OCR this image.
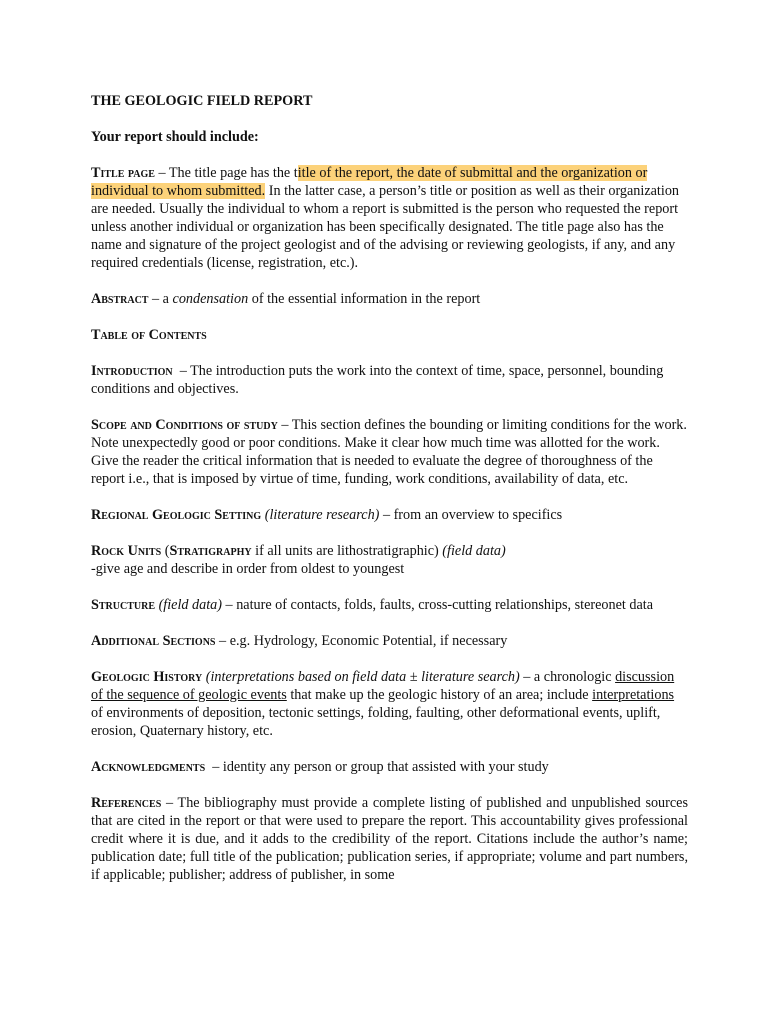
THE GEOLOGIC FIELD REPORT
Your report should include:
Title page – The title page has the title of the report, the date of submittal and the organization or individual to whom submitted. In the latter case, a person’s title or position as well as their organization are needed. Usually the individual to whom a report is submitted is the person who requested the report unless another individual or organization has been specifically designated. The title page also has the name and signature of the project geologist and of the advising or reviewing geologists, if any, and any required credentials (license, registration, etc.).
Abstract – a condensation of the essential information in the report
Table of Contents
Introduction  – The introduction puts the work into the context of time, space, personnel, bounding conditions and objectives.
Scope and Conditions of study – This section defines the bounding or limiting conditions for the work. Note unexpectedly good or poor conditions. Make it clear how much time was allotted for the work. Give the reader the critical information that is needed to evaluate the degree of thoroughness of the report i.e., that is imposed by virtue of time, funding, work conditions, availability of data, etc.
Regional Geologic Setting (literature research) – from an overview to specifics
Rock Units (Stratigraphy if all units are lithostratigraphic) (field data)
-give age and describe in order from oldest to youngest
Structure (field data) – nature of contacts, folds, faults, cross-cutting relationships, stereonet data
Additional Sections – e.g. Hydrology, Economic Potential, if necessary
Geologic History (interpretations based on field data ± literature search) – a chronologic discussion of the sequence of geologic events that make up the geologic history of an area; include interpretations of environments of deposition, tectonic settings, folding, faulting, other deformational events, uplift, erosion, Quaternary history, etc.
Acknowledgments  – identity any person or group that assisted with your study
References – The bibliography must provide a complete listing of published and unpublished sources that are cited in the report or that were used to prepare the report. This accountability gives professional credit where it is due, and it adds to the credibility of the report. Citations include the author’s name; publication date; full title of the publication; publication series, if appropriate; volume and part numbers, if applicable; publisher; address of publisher, in some
